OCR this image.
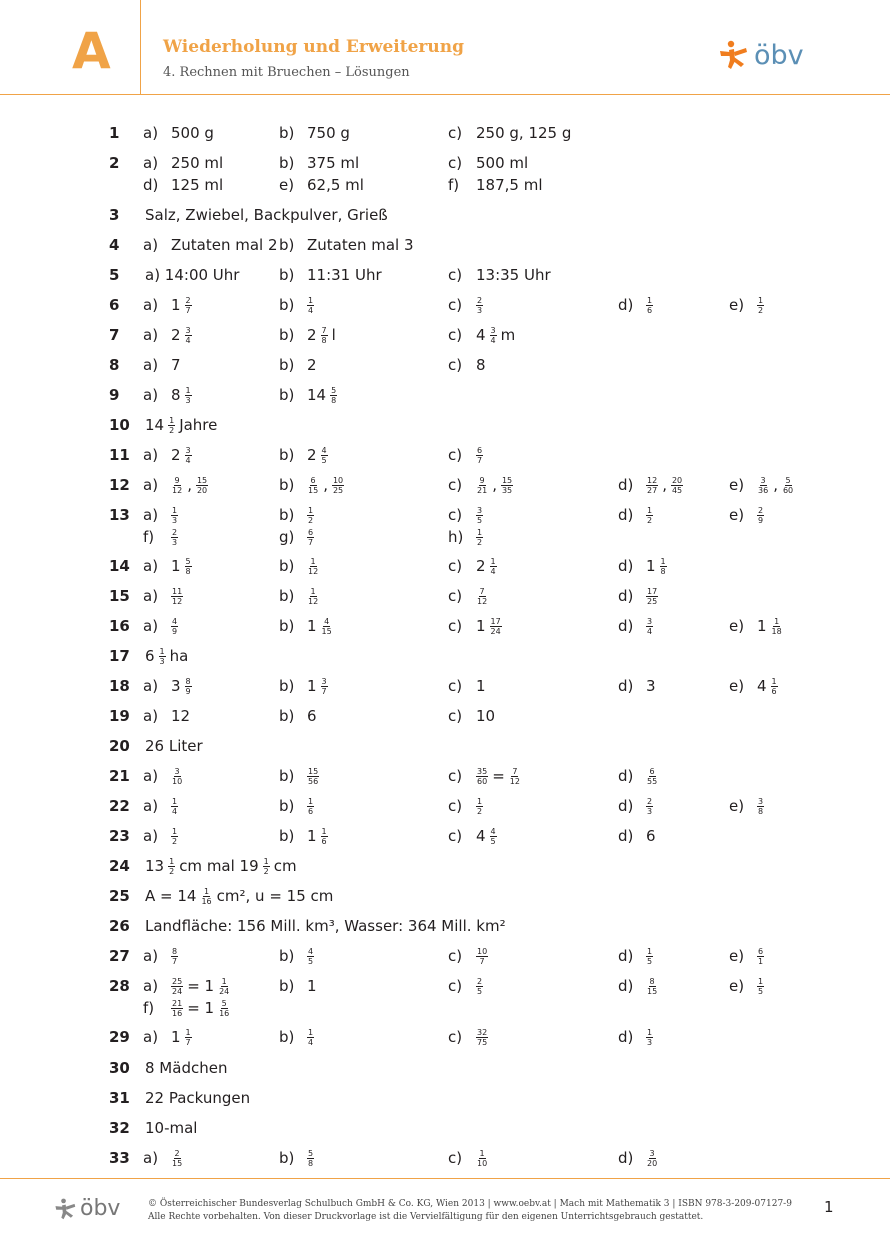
A	Wiederholung und Erweiterung
4. Rechnen mit Bruechen – Lösungen
öbv
1	a) 500 g	b) 750 g	c) 250 g, 125 g
2	a) 250 ml	b) 375 ml	c) 500 ml
d) 125 ml	e) 62,5 ml	f)	187,5 ml
3	Salz, Zwiebel, Backpulver, Grieß
4	a) Zutaten mal 2 b) Zutaten mal 3
5	a) 14:00 Uhr	b) 11:31 Uhr	c) 13:35 Uhr
6	a) $1 \frac{2}{7}$	b)	$\frac{1}{4}$	c)	$\frac{2}{3}$	d)	$\frac{1}{6}$	e)	$\frac{1}{2}$
7	a) $2 \frac{3}{4}$	b) $2 \frac{7}{8}$ l	c) $4 \frac{3}{4}$ m
8	a) 7	b) 2	c) 8
9	a) $8 \frac{1}{3}$	b) $14 \frac{5}{8}$
10	$14 \frac{1}{2}$ Jahre
11 a) $2 \frac{3}{4}$	b) $2 \frac{4}{5}$	c)	$\frac{6}{7}$
12 a)	$\frac{9}{12}$ , $\frac{15}{20}$	b)	$\frac{6}{15}$ , $\frac{10}{25}$	c)	$\frac{9}{21}$ , $\frac{15}{35}$	d)	$\frac{12}{27}$ , $\frac{20}{45}$	e)	$\frac{3}{36}$ , $\frac{5}{60}$
13 a)	$\frac{1}{3}$	b)	$\frac{1}{2}$	c)	$\frac{3}{5}$	d)	$\frac{1}{2}$	e)	$\frac{2}{9}$
f)	$\frac{2}{3}$	g)	$\frac{6}{7}$	h)	$\frac{1}{2}$
14 a) $1 \frac{5}{8}$	b)	$\frac{1}{12}$	c) $2 \frac{1}{4}$	d) $1 \frac{1}{8}$
15 a)	$\frac{11}{12}$	b)	$\frac{1}{12}$	c)	$\frac{7}{12}$	d)	$\frac{17}{25}$
16 a)	$\frac{4}{9}$	b) $1 \frac{4}{15}$	c) $1 \frac{17}{24}$	d)	$\frac{3}{4}$	e) $1 \frac{1}{18}$
17	$6 \frac{1}{3}$ ha
18 a) $3 \frac{8}{9}$	b) $1 \frac{3}{7}$	c) 1	d) 3	e) $4 \frac{1}{6}$
19 a) 12	b) 6	c) 10
20	26 Liter
21 a)	$\frac{3}{10}$	b)	$\frac{15}{56}$	c)	$\frac{35}{60} = \frac{7}{12}$	d)	$\frac{6}{55}$
22 a)	$\frac{1}{4}$	b)	$\frac{1}{6}$	c)	$\frac{1}{2}$	d)	$\frac{2}{3}$	e)	$\frac{3}{8}$
23 a)	$\frac{1}{2}$	b) $1 \frac{1}{6}$	c) $4 \frac{4}{5}$	d) 6
24	$13 \frac{1}{2}$ cm mal $19 \frac{1}{2}$ cm
25	$A = 14 \frac{1}{16} cm^2$, u = 15 cm
26	Landfläche: 156 Mill. km³, Wasser: 364 Mill. km²
27 a)	$\frac{8}{7}$	b)	$\frac{4}{5}$	c)	$\frac{10}{7}$	d)	$\frac{1}{5}$	e)	$\frac{6}{1}$
28 a)	$\frac{25}{24} = 1 \frac{1}{24}$	b) 1	c)	$\frac{2}{5}$	d)	$\frac{8}{15}$	e)	$\frac{1}{5}$
f)	$\frac{21}{16} = 1 \frac{5}{16}$
29 a) $1 \frac{1}{7}$	b)	$\frac{1}{4}$	c)	$\frac{32}{75}$	d)	$\frac{1}{3}$
30	8 Mädchen
31	22 Packungen
32	10-mal
33 a)	$\frac{2}{15}$	b)	$\frac{5}{8}$	c)	$\frac{1}{10}$	d)	$\frac{3}{20}$
öbv	© Österreichischer Bundesverlag Schulbuch GmbH & Co. KG, Wien 2013 | www.oebv.at | Mach mit Mathematik 3 | ISBN 978-3-209-07127-9
Alle Rechte vorbehalten. Von dieser Druckvorlage ist die Vervielfältigung für den eigenen Unterrichtsgebrauch gestattet.
1
